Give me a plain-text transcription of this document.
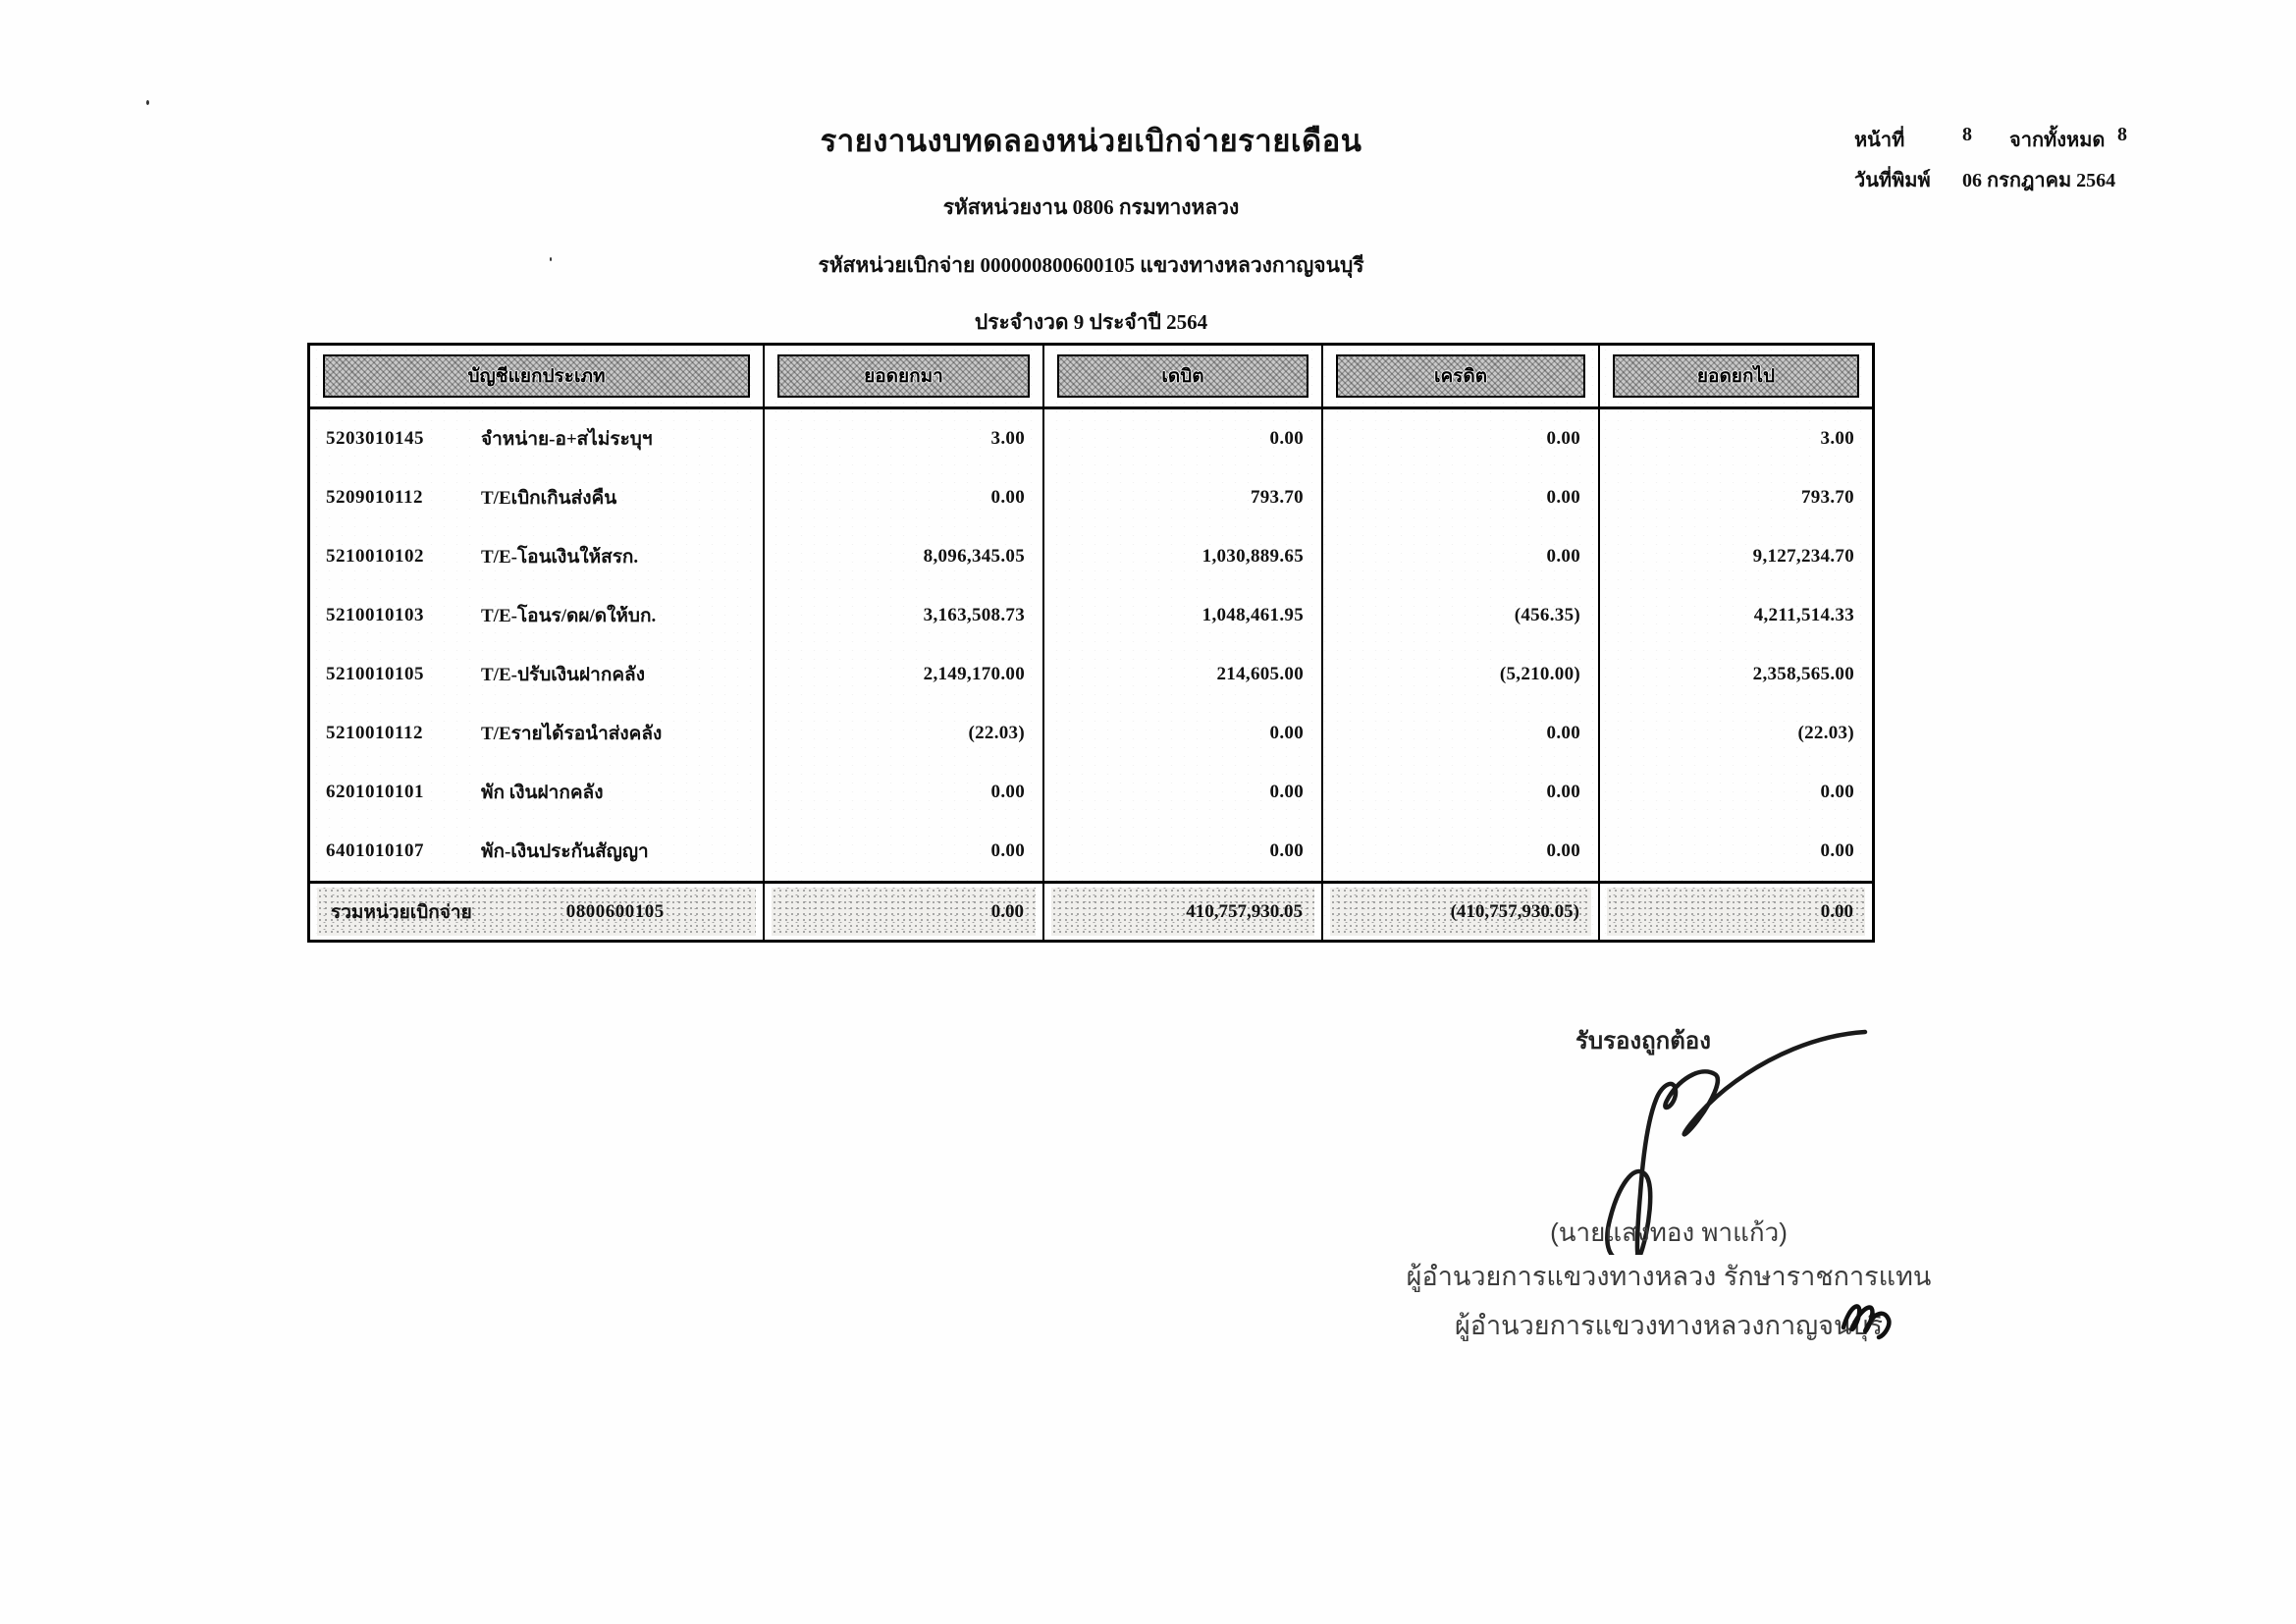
รายงานงบทดลองหน่วยเบิกจ่ายรายเดือน
รหัสหน่วยงาน 0806 กรมทางหลวง
รหัสหน่วยเบิกจ่าย 000000800600105 แขวงทางหลวงกาญจนบุรี
ประจำงวด 9 ประจำปี 2564
หน้าที่	8 จากทั้งหมด 8
วันที่พิมพ์	06 กรกฎาคม 2564
บัญชีแยกประเภท	ยอดยกมา	เดบิต	เครดิต	ยอดยกไป
5203010145	จำหน่าย-อ+สไม่ระบุฯ	3.00	0.00	0.00	3.00
5209010112	T/Eเบิกเกินส่งคืน	0.00	793.70	0.00	793.70
5210010102	T/E-โอนเงินให้สรก.	8,096,345.05	1,030,889.65	0.00	9,127,234.70
5210010103	T/E-โอนร/ดผ/ดให้บก.	3,163,508.73	1,048,461.95	(456.35)	4,211,514.33
5210010105	T/E-ปรับเงินฝากคลัง	2,149,170.00	214,605.00	(5,210.00)	2,358,565.00
5210010112	T/Eรายได้รอนำส่งคลัง	(22.03)	0.00	0.00	(22.03)
6201010101	พัก เงินฝากคลัง	0.00	0.00	0.00	0.00
6401010107	พัก-เงินประกันสัญญา	0.00	0.00	0.00	0.00
รวมหน่วยเบิกจ่าย	0800600105	0.00	410,757,930.05	(410,757,930.05)	0.00
รับรองถูกต้อง
(นายแสงทอง พาแก้ว)
ผู้อำนวยการแขวงทางหลวง รักษาราชการแทน
ผู้อำนวยการแขวงทางหลวงกาญจนบุรี
